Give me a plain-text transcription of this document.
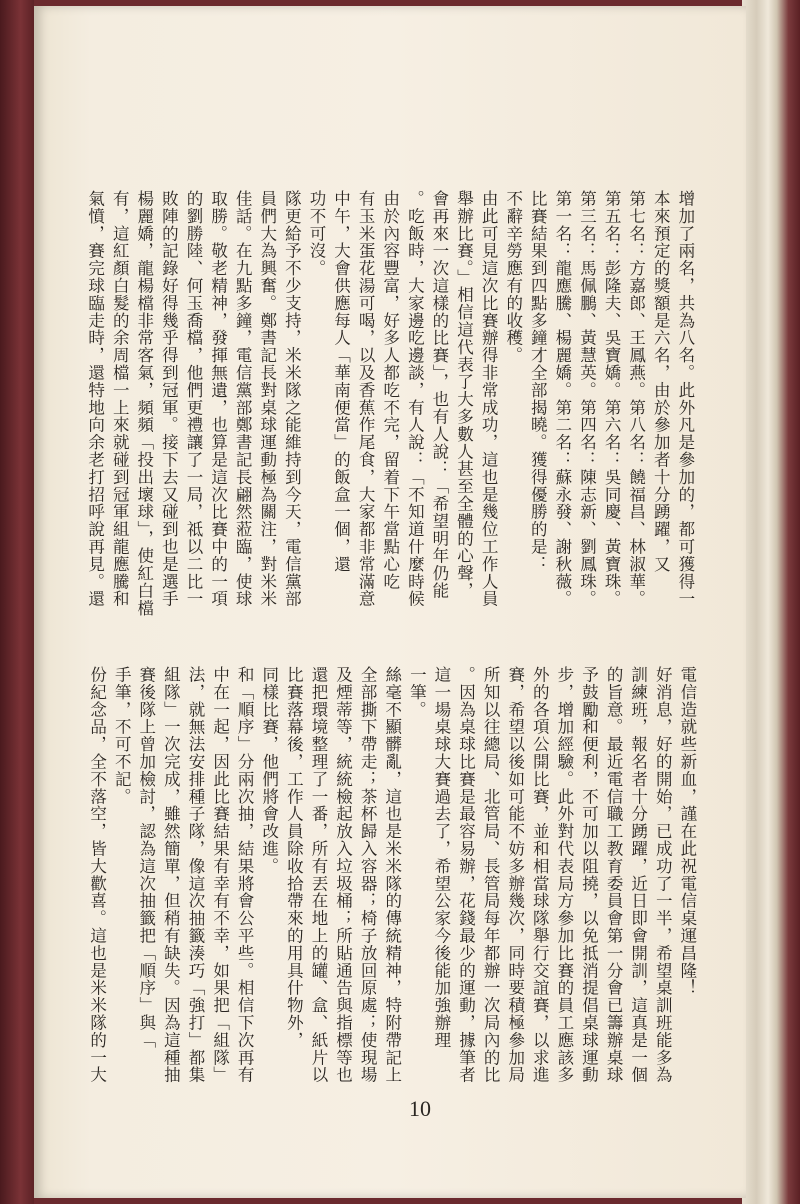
增加了兩名，共為八名。此外凡是參加的，都可獲得一
本來預定的獎額是六名，由於參加者十分踴躍，又
第七名：方嘉郎、王鳳燕。第八名：饒福昌、林淑華。
第五名：彭隆夫、吳寶嬌。第六名：吳同慶、黃寶珠。
第三名：馬佩鵬、黃慧英。第四名：陳志新、劉鳳珠。
第一名：龍應騰、楊麗嬌。第二名：蘇永發、謝秋薇。
比賽結果到四點多鐘才全部揭曉。獲得優勝的是：
不辭辛勞應有的收穫。
由此可見這次比賽辦得非常成功，這也是幾位工作人員
舉辦比賽。」相信這代表了大多數人甚至全體的心聲，
會再來一次這樣的比賽」，也有人說：「希望明年仍能
。吃飯時，大家邊吃邊談，有人說：「不知道什麼時候
由於內容豐富，好多人都吃不完，留着下午當點心吃
有玉米蛋花湯可喝，以及香蕉作尾食，大家都非常滿意
中午，大會供應每人「華南便當」的飯盒一個，還
功不可沒。
隊更給予不少支持，米米隊之能維持到今天，電信黨部
員們大為興奮。鄭書記長對桌球運動極為關注，對米米
佳話。在九點多鐘，電信黨部鄭書記長翩然蒞臨，使球
取勝。敬老精神，發揮無遺，也算是這次比賽中的一項
的劉勝陸、何玉喬檔，他們更禮讓了一局，祗以二比一
敗陣的記錄好得幾乎得到冠軍。接下去又碰到也是選手
楊麗嬌，龍楊檔非常客氣，頻頻「投出壞球」，使紅白檔
有，這紅顏白髮的余周檔一上來就碰到冠軍組龍應騰和
氣憤，賽完球臨走時，還特地向余老打招呼說再見。還
電信造就些新血，謹在此祝電信桌運昌隆！
好消息，好的開始，已成功了一半，希望桌訓班能多為
訓練班，報名者十分踴躍，近日即會開訓，這真是一個
的旨意。最近電信職工教育委員會第一分會已籌辦桌球
予鼓勵和便利，不可加以阻撓，以免抵消提倡桌球運動
步，增加經驗。此外對代表局方參加比賽的員工應該多
外的各項公開比賽，並和相當球隊舉行交誼賽，以求進
賽，希望以後如可能不妨多辦幾次，同時要積極參加局
所知以往總局、北管局、長管局每年都辦一次局內的比
。因為桌球比賽是最容易辦，花錢最少的運動，據筆者
這一場桌球大賽過去了，希望公家今後能加強辦理
一筆。
絲毫不顯髒亂，這也是米米隊的傳統精神，特附帶記上
全部撕下帶走；茶杯歸入容器；椅子放回原處；使現場
及煙蒂等，統統檢起放入垃圾桶；所貼通告與指標等也
還把環境整理了一番，所有丟在地上的罐、盒、紙片以
比賽落幕後，工作人員除收拾帶來的用具什物外，
同樣比賽，他們將會改進。
和「順序」分兩次抽，結果將會公平些。相信下次再有
中在一起，因此比賽結果有幸有不幸，如果把「組隊」
法，就無法安排種子隊，像這次抽籤湊巧「強打」都集
組隊」一次完成，雖然簡單，但稍有缺失。因為這種抽
賽後隊上曾加檢討，認為這次抽籤把「順序」與「
手筆，不可不記。
份紀念品，全不落空，皆大歡喜。這也是米米隊的一大
10
